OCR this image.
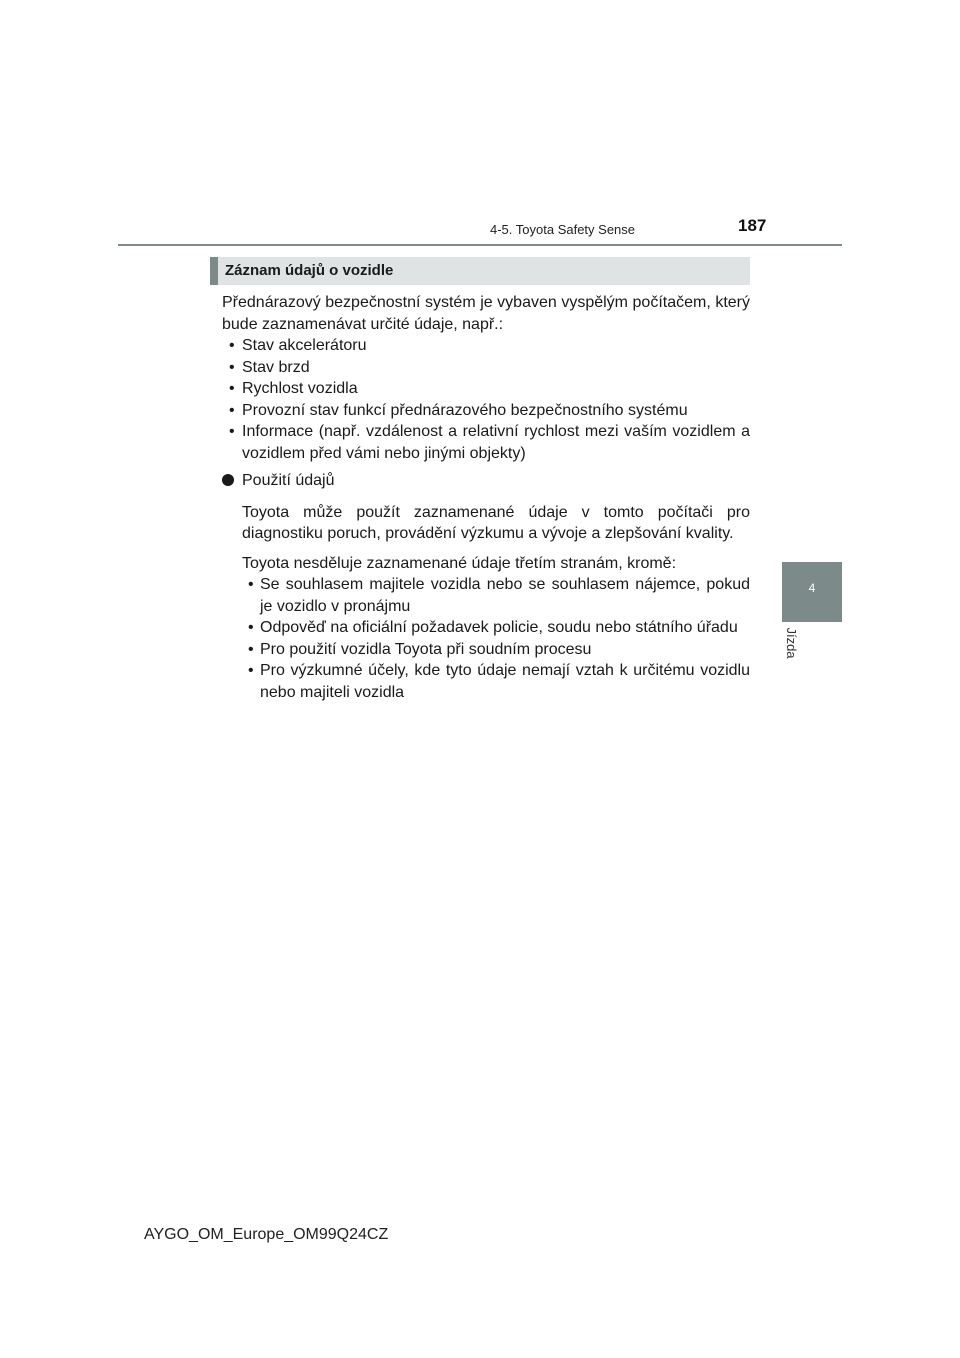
4-5. Toyota Safety Sense	187
4
Jízda
Záznam údajů o vozidle

Přednárazový bezpečnostní systém je vybaven vyspělým počítačem, který bude zaznamenávat určité údaje, např.:

• Stav akcelerátoru
• Stav brzd
• Rychlost vozidla
• Provozní stav funkcí přednárazového bezpečnostního systému
• Informace (např. vzdálenost a relativní rychlost mezi vaším vozidlem a vozidlem před vámi nebo jinými objekty)
Použití údajů

Toyota může použít zaznamenané údaje v tomto počítači pro diagnostiku poruch, provádění výzkumu a vývoje a zlepšování kvality.

Toyota nesděluje zaznamenané údaje třetím stranám, kromě:

• Se souhlasem majitele vozidla nebo se souhlasem nájemce, pokud je vozidlo v pronájmu
• Odpověď na oficiální požadavek policie, soudu nebo státního úřadu
• Pro použití vozidla Toyota při soudním procesu
• Pro výzkumné účely, kde tyto údaje nemají vztah k určitému vozidlu nebo majiteli vozidla
AYGO_OM_Europe_OM99Q24CZ
